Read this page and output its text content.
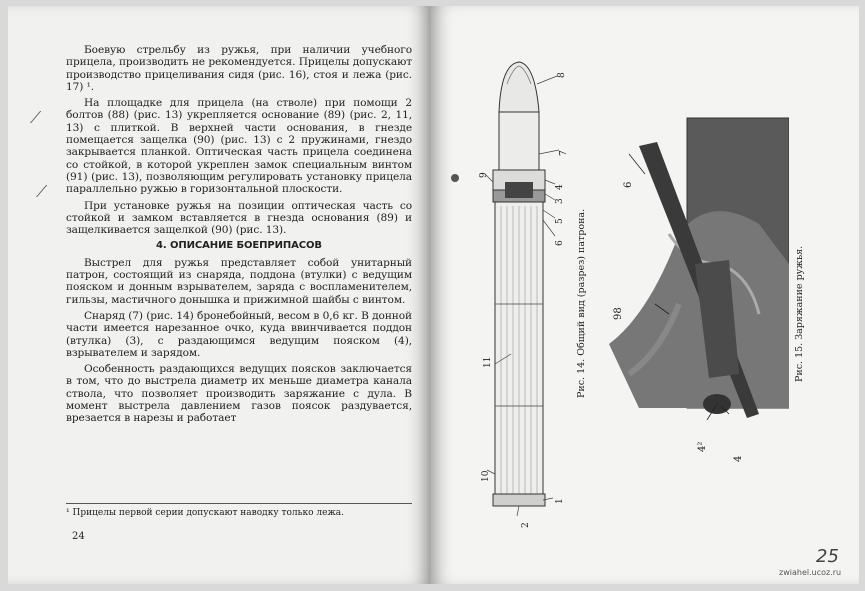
Боевую стрельбу из ружья, при наличии учебного прицела, производить не рекомендуется. Прицелы допускают производство прицеливания сидя (рис. 16), стоя и лежа (рис. 17) ¹.

На площадке для прицела (на стволе) при помощи 2 болтов (88) (рис. 13) укрепляется основание (89) (рис. 2, 11, 13) с плиткой. В верхней части основания, в гнезде помещается защелка (90) (рис. 13) с 2 пружинами, гнездо закрывается планкой. Оптическая часть прицела соединена со стойкой, в которой укреплен замок специальным винтом (91) (рис. 13), позволяющим регулировать установку прицела параллельно ружью в горизонтальной плоскости.

При установке ружья на позиции оптическая часть со стойкой и замком вставляется в гнезда основания (89) и защелкивается защелкой (90) (рис. 13).

4. ОПИСАНИЕ БОЕПРИПАСОВ

Выстрел для ружья представляет собой унитарный патрон, состоящий из снаряда, поддона (втулки) с ведущим пояском и донным взрывателем, заряда с воспламенителем, гильзы, мастичного донышка и прижимной шайбы с винтом.

Снаряд (7) (рис. 14) бронебойный, весом в 0,6 кг. В донной части имеется нарезанное очко, куда ввинчивается поддон (втулка) (3), с раздающимся ведущим пояском (4), взрывателем и зарядом.

Особенность раздающихся ведущих поясков заключается в том, что до выстрела диаметр их меньше диаметра канала ствола, что позволяет производить заряжание с дула. В момент выстрела давлением газов поясок раздувается, врезается в нарезы и работает

¹ Прицелы первой серии допускают наводку только лежа.
24
⟋
⟋
8
7
9
4
3
5
6
11
10
1
2
Рис. 14. Общий вид (разрез) патрона.
6
98
4²
4
Рис. 15. Заряжание ружья.
25
zwiahel.ucoz.ru
